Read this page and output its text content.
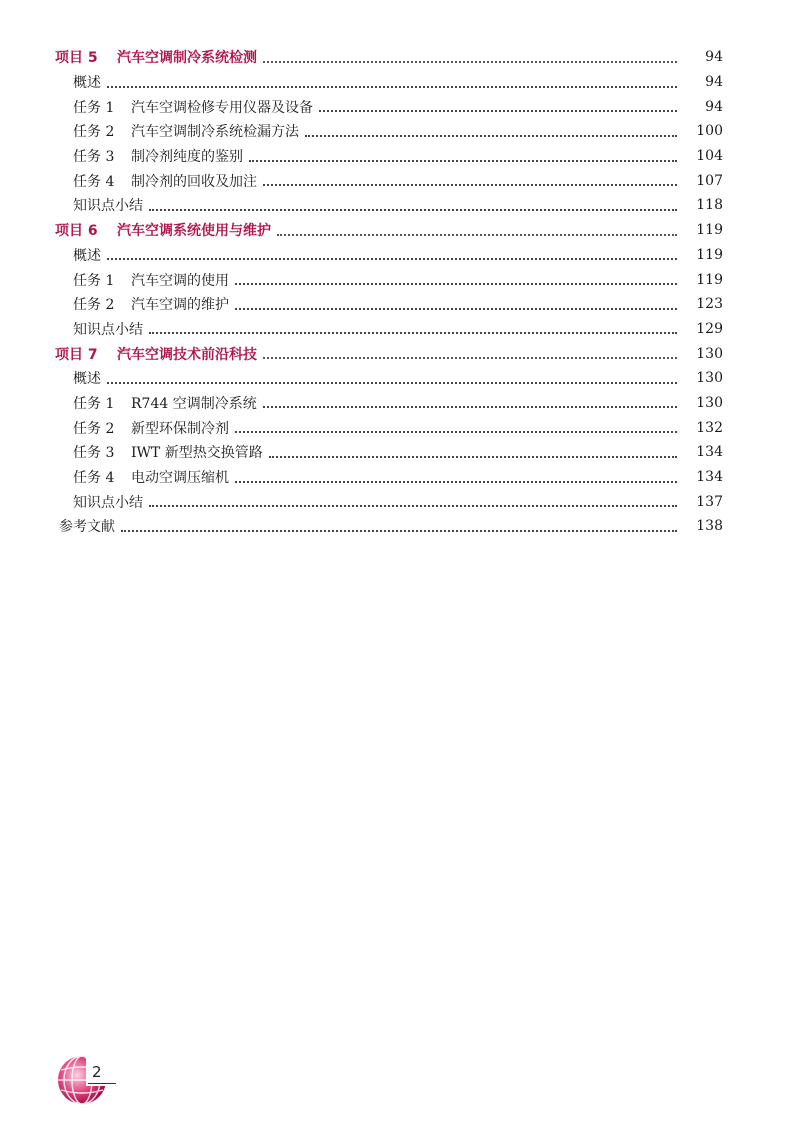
项目 5 汽车空调制冷系统检测	94
概述	94
任务 1 汽车空调检修专用仪器及设备	94
任务 2 汽车空调制冷系统检漏方法	100
任务 3 制冷剂纯度的鉴别	104
任务 4 制冷剂的回收及加注	107
知识点小结	118
项目 6 汽车空调系统使用与维护	119
概述	119
任务 1 汽车空调的使用	119
任务 2 汽车空调的维护	123
知识点小结	129
项目 7 汽车空调技术前沿科技	130
概述	130
任务 1 R744 空调制冷系统	130
任务 2 新型环保制冷剂	132
任务 3 IWT 新型热交换管路	134
任务 4 电动空调压缩机	134
知识点小结	137
参考文献	138
2
